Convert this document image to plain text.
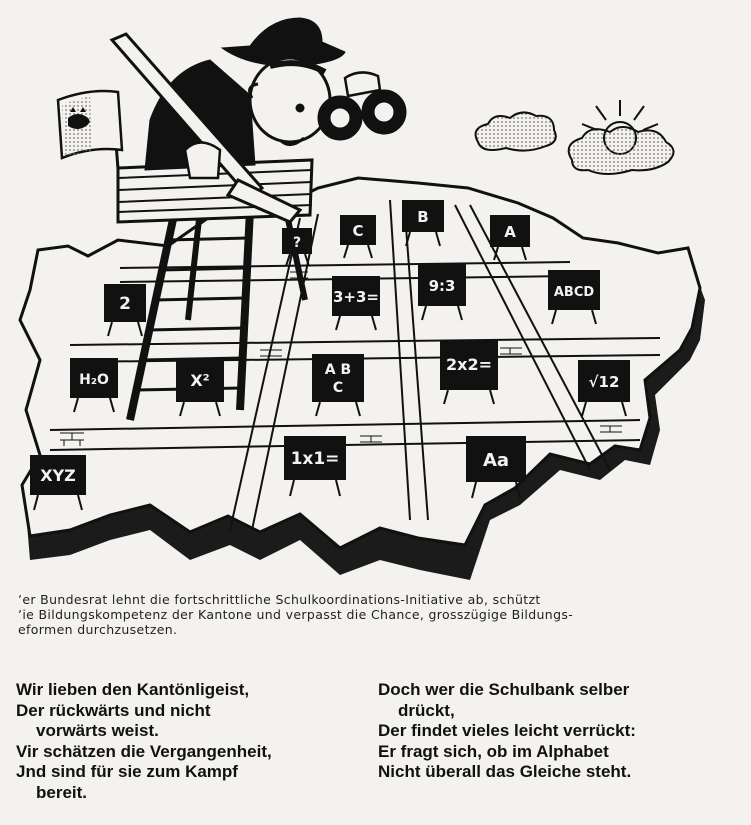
?
C
B
A
2	3+3=
9:3	ABCD
H₂O	X²
A B
C
2x2=
√12
XYZ
1x1=	Aa
ʼer Bundesrat lehnt die fortschrittliche Schulkoordinations-Initiative ab, schützt
ʼie Bildungskompetenz der Kantone und verpasst die Chance, grosszügige Bildungs-
eformen durchzusetzen.
Wir lieben den Kantönligeist,
Der rückwärts und nicht
vorwärts weist.
Vir schätzen die Vergangenheit,
Jnd sind für sie zum Kampf
bereit.
Doch wer die Schulbank selber
drückt,
Der findet vieles leicht verrückt:
Er fragt sich, ob im Alphabet
Nicht überall das Gleiche steht.
